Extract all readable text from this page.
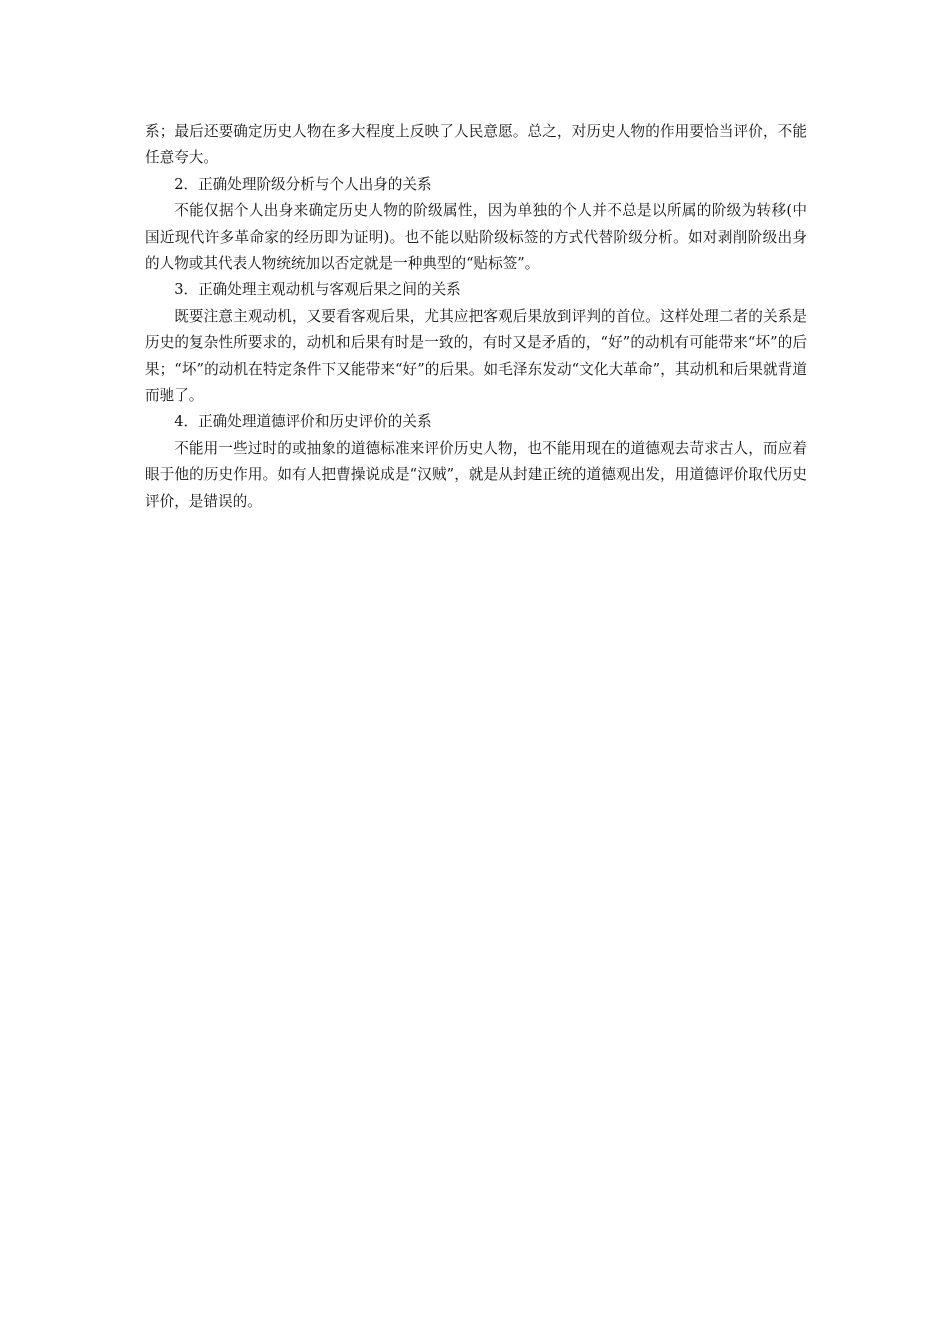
系；最后还要确定历史人物在多大程度上反映了人民意愿。总之，对历史人物的作用要恰当评价，不能任意夸大。

2．正确处理阶级分析与个人出身的关系

不能仅据个人出身来确定历史人物的阶级属性，因为单独的个人并不总是以所属的阶级为转移(中国近现代许多革命家的经历即为证明)。也不能以贴阶级标签的方式代替阶级分析。如对剥削阶级出身的人物或其代表人物统统加以否定就是一种典型的“贴标签”。

3．正确处理主观动机与客观后果之间的关系

既要注意主观动机，又要看客观后果，尤其应把客观后果放到评判的首位。这样处理二者的关系是历史的复杂性所要求的，动机和后果有时是一致的，有时又是矛盾的，“好”的动机有可能带来“坏”的后果；“坏”的动机在特定条件下又能带来“好”的后果。如毛泽东发动“文化大革命”，其动机和后果就背道而驰了。

4．正确处理道德评价和历史评价的关系

不能用一些过时的或抽象的道德标准来评价历史人物，也不能用现在的道德观去苛求古人，而应着眼于他的历史作用。如有人把曹操说成是“汉贼”，就是从封建正统的道德观出发，用道德评价取代历史评价，是错误的。
